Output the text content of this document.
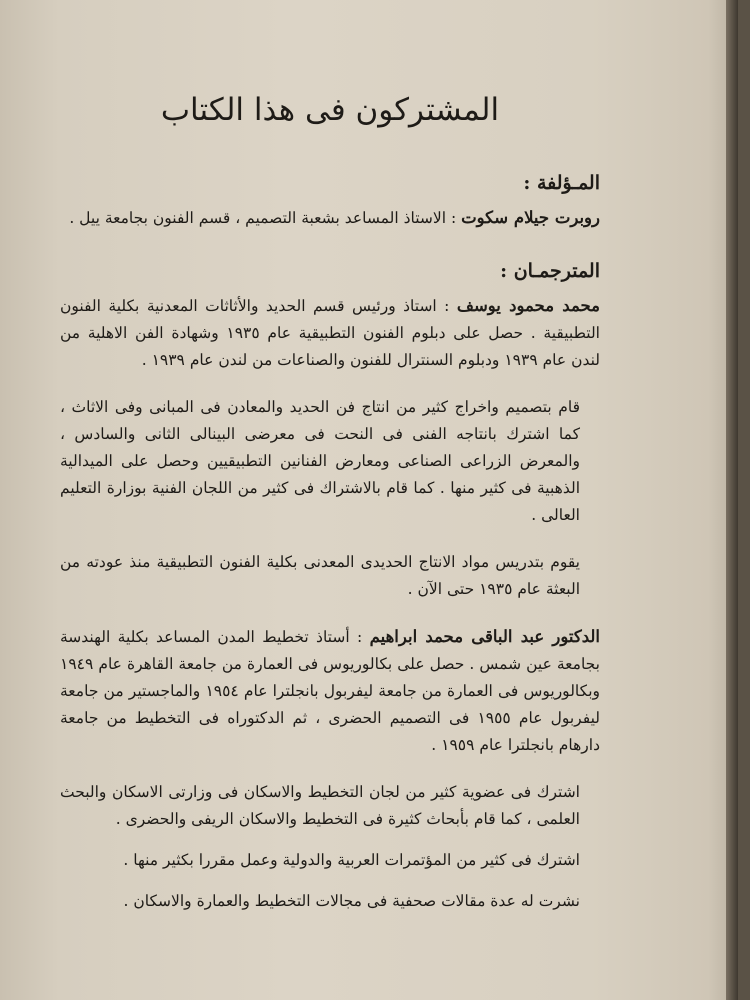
المشتركون فى هذا الكتاب
المـؤلفة :

روبرت جيلام سكوت : الاستاذ المساعد بشعبة التصميم ، قسم الفنون بجامعة ييل .

المترجمـان :

محمد محمود يوسف : استاذ ورئيس قسم الحديد والأثاثات المعدنية بكلية الفنون التطبيقية . حصل على دبلوم الفنون التطبيقية عام ١٩٣٥ وشهادة الفن الاهلية من لندن عام ١٩٣٩ ودبلوم السنترال للفنون والصناعات من لندن عام ١٩٣٩ .

قام بتصميم واخراج كثير من انتاج فن الحديد والمعادن فى المبانى وفى الاثاث ، كما اشترك بانتاجه الفنى فى النحت فى معرضى البينالى الثانى والسادس ، والمعرض الزراعى الصناعى ومعارض الفنانين التطبيقيين وحصل على الميدالية الذهبية فى كثير منها . كما قام بالاشتراك فى كثير من اللجان الفنية بوزارة التعليم العالى .

يقوم بتدريس مواد الانتاج الحديدى المعدنى بكلية الفنون التطبيقية منذ عودته من البعثة عام ١٩٣٥ حتى الآن .

الدكتور عبد الباقى محمد ابراهيم : أستاذ تخطيط المدن المساعد بكلية الهندسة بجامعة عين شمس . حصل على بكالوريوس فى العمارة من جامعة القاهرة عام ١٩٤٩ وبكالوريوس فى العمارة من جامعة ليفربول بانجلترا عام ١٩٥٤ والماجستير من جامعة ليفربول عام ١٩٥٥ فى التصميم الحضرى ، ثم الدكتوراه فى التخطيط من جامعة دارهام بانجلترا عام ١٩٥٩ .

اشترك فى عضوية كثير من لجان التخطيط والاسكان فى وزارتى الاسكان والبحث العلمى ، كما قام بأبحاث كثيرة فى التخطيط والاسكان الريفى والحضرى .

اشترك فى كثير من المؤتمرات العربية والدولية وعمل مقررا بكثير منها .

نشرت له عدة مقالات صحفية فى مجالات التخطيط والعمارة والاسكان .
